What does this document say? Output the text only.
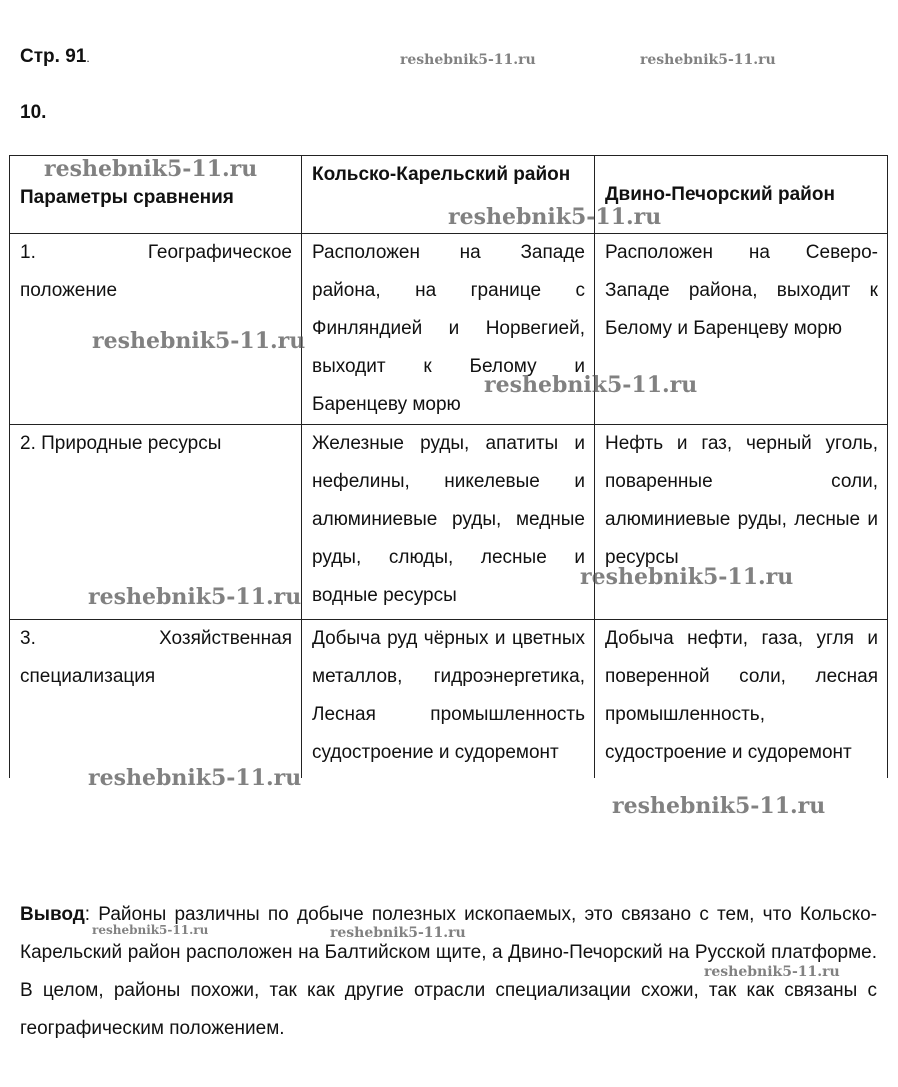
Стр. 91.
10.
Параметры сравнения	Кольско-Карельский район	Двино-Печорский район

1. Географическое
положение	Расположен на Западе района, на границе с Финляндией и Норвегией, выходит к Белому и Баренцеву морю	Расположен на Северо-Западе района, выходит к Белому и Баренцеву морю
2. Природные ресурсы	Железные руды, апатиты и нефелины, никелевые и алюминиевые руды, медные руды, слюды, лесные и водные ресурсы	Нефть и газ, черный уголь, поваренные соли, алюминиевые руды, лесные и ресурсы

3. Хозяйственная
специализация	Добыча руд чёрных и цветных металлов, гидроэнергетика, Лесная промышленность судостроение и судоремонт	Добыча нефти, газа, угля и поверенной соли, лесная промышленность, судостроение и судоремонт

Вывод: Районы различны по добыче полезных ископаемых, это связано с тем, что Кольско-Карельский район расположен на Балтийском щите, а Двино-Печорский на Русской платформе. В целом, районы похожи, так как другие отрасли специализации схожи, так как связаны с географическим положением.

reshebnik5-11.ru	reshebnik5-11.ru
reshebnik5-11.ru
reshebnik5-11.ru
reshebnik5-11.ru
reshebnik5-11.ru
reshebnik5-11.ru
reshebnik5-11.ru
reshebnik5-11.ru
reshebnik5-11.ru
reshebnik5-11.ru	reshebnik5-11.ru
reshebnik5-11.ru
